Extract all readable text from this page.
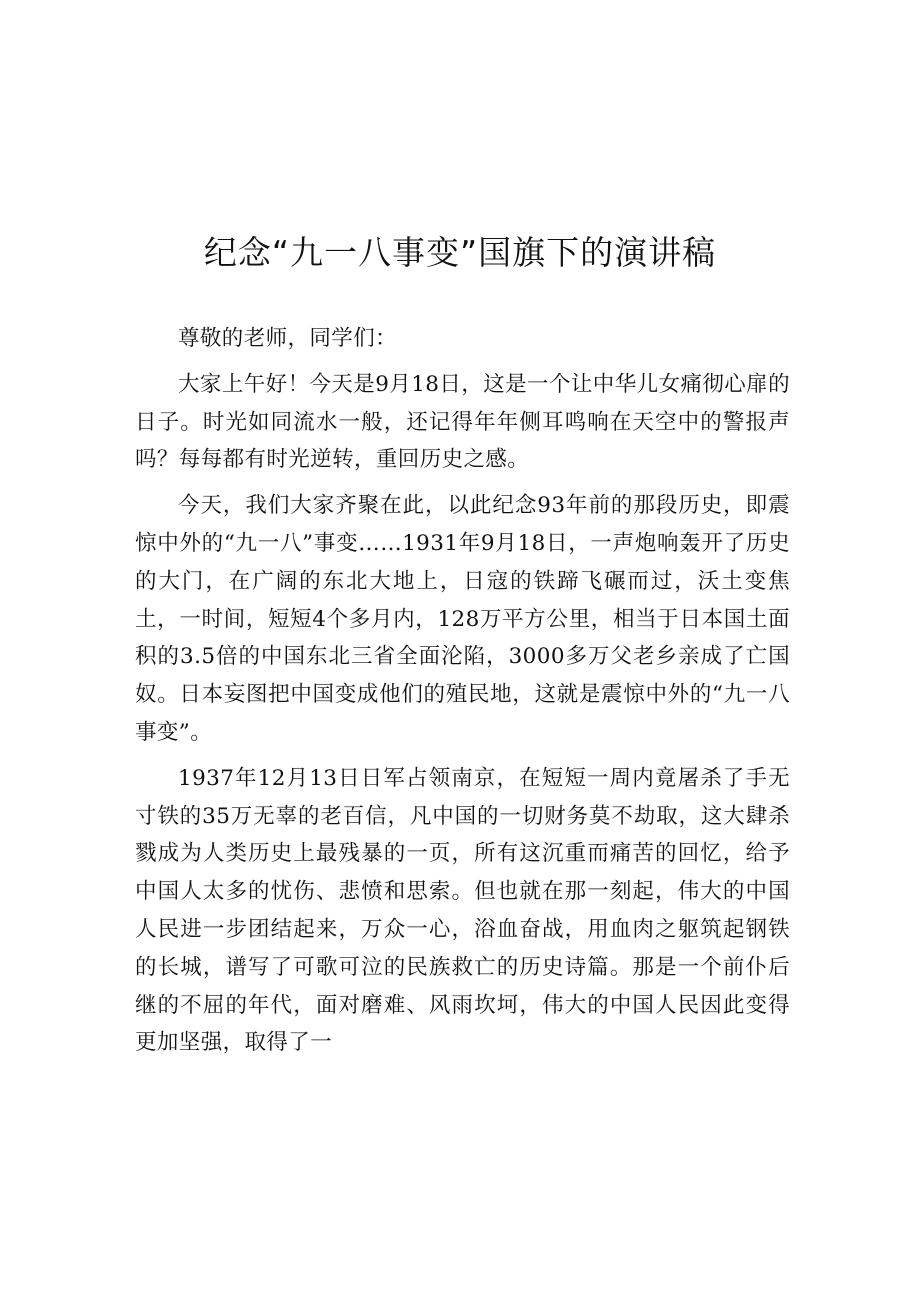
纪念“九一八事变”国旗下的演讲稿

尊敬的老师，同学们：

大家上午好！今天是9月18日，这是一个让中华儿女痛彻心扉的日子。时光如同流水一般，还记得年年侧耳鸣响在天空中的警报声吗？每每都有时光逆转，重回历史之感。

今天，我们大家齐聚在此，以此纪念93年前的那段历史，即震惊中外的“九一八”事变……1931年9月18日，一声炮响轰开了历史的大门，在广阔的东北大地上，日寇的铁蹄飞碾而过，沃土变焦土，一时间，短短4个多月内，128万平方公里，相当于日本国土面积的3.5倍的中国东北三省全面沦陷，3000多万父老乡亲成了亡国奴。日本妄图把中国变成他们的殖民地，这就是震惊中外的“九一八事变”。

1937年12月13日日军占领南京，在短短一周内竟屠杀了手无寸铁的35万无辜的老百信，凡中国的一切财务莫不劫取，这大肆杀戮成为人类历史上最残暴的一页，所有这沉重而痛苦的回忆，给予中国人太多的忧伤、悲愤和思索。但也就在那一刻起，伟大的中国人民进一步团结起来，万众一心，浴血奋战，用血肉之躯筑起钢铁的长城，谱写了可歌可泣的民族救亡的历史诗篇。那是一个前仆后继的不屈的年代，面对磨难、风雨坎坷，伟大的中国人民因此变得更加坚强，取得了一
